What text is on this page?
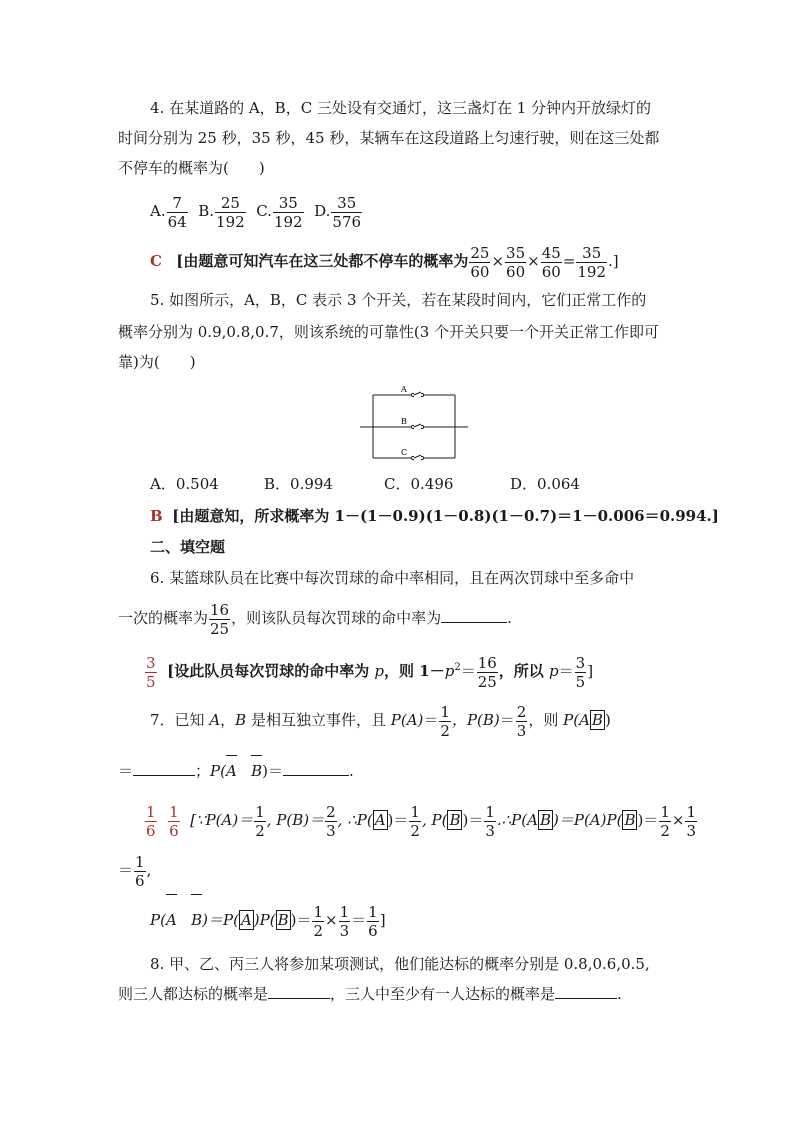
4. 在某道路的 A，B，C 三处设有交通灯，这三盏灯在 1 分钟内开放绿灯的
时间分别为 25 秒，35 秒，45 秒，某辆车在这段道路上匀速行驶，则在这三处都
不停车的概率为(　　)
A. $\frac{7}{64} B$. $\frac{25}{192} C$. $\frac{35}{192} D$. $\frac{35}{576}$
C [由题意可知汽车在这三处都不停车的概率为 $\frac{25}{60} \times \frac{35}{60} \times \frac{45}{60} = \frac{35}{192}$ .]
5. 如图所示，A，B，C 表示 3 个开关，若在某段时间内，它们正常工作的
概率分别为 0.9,0.8,0.7，则该系统的可靠性(3 个开关只要一个开关正常工作即可
靠)为(　　)
A
B
C
A．0.504	B．0.994	C．0.496	D．0.064
B [由题意知，所求概率为 1－(1－0.9)(1－0.8)(1－0.7)＝1－0.006＝0.994.]
二、填空题
6. 某篮球队员在比赛中每次罚球的命中率相同，且在两次罚球中至多命中
一次的概率为 $\frac{16}{25}$ ，则该队员每次罚球的命中率为	.
$\frac{3}{5}$ [设此队员每次罚球的命中率为 p，则 $1-p^2= \frac{16}{25}$ ，所以 $p= \frac{3}{5}$ ]
7．已知 A，B 是相互独立事件，且 $P(A)= \frac{1}{2}$ ，$P(B)= \frac{2}{3}$ ，则 P(A B )
＝	；P(A B)＝	.
$\frac{1}{6}$
$\frac{1}{6}$ [∵P(A)＝ $\frac{1}{2}$ , $P(B)= \frac{2}{3}$ , ∴P( A )＝ $\frac{1}{2}$ , P( B )＝ $\frac{1}{3}$ .∴P(A B )＝P(A)P( B )＝ $\frac{1}{2} \times \frac{1}{3}$
＝ $\frac{1}{6}$ ,
P(A B)＝P( A )P( B )＝ $\frac{1}{2} \times \frac{1}{3} = \frac{1}{6}$ ]
8. 甲、乙、丙三人将参加某项测试，他们能达标的概率分别是 0.8,0.6,0.5,
则三人都达标的概率是	，三人中至少有一人达标的概率是	.
